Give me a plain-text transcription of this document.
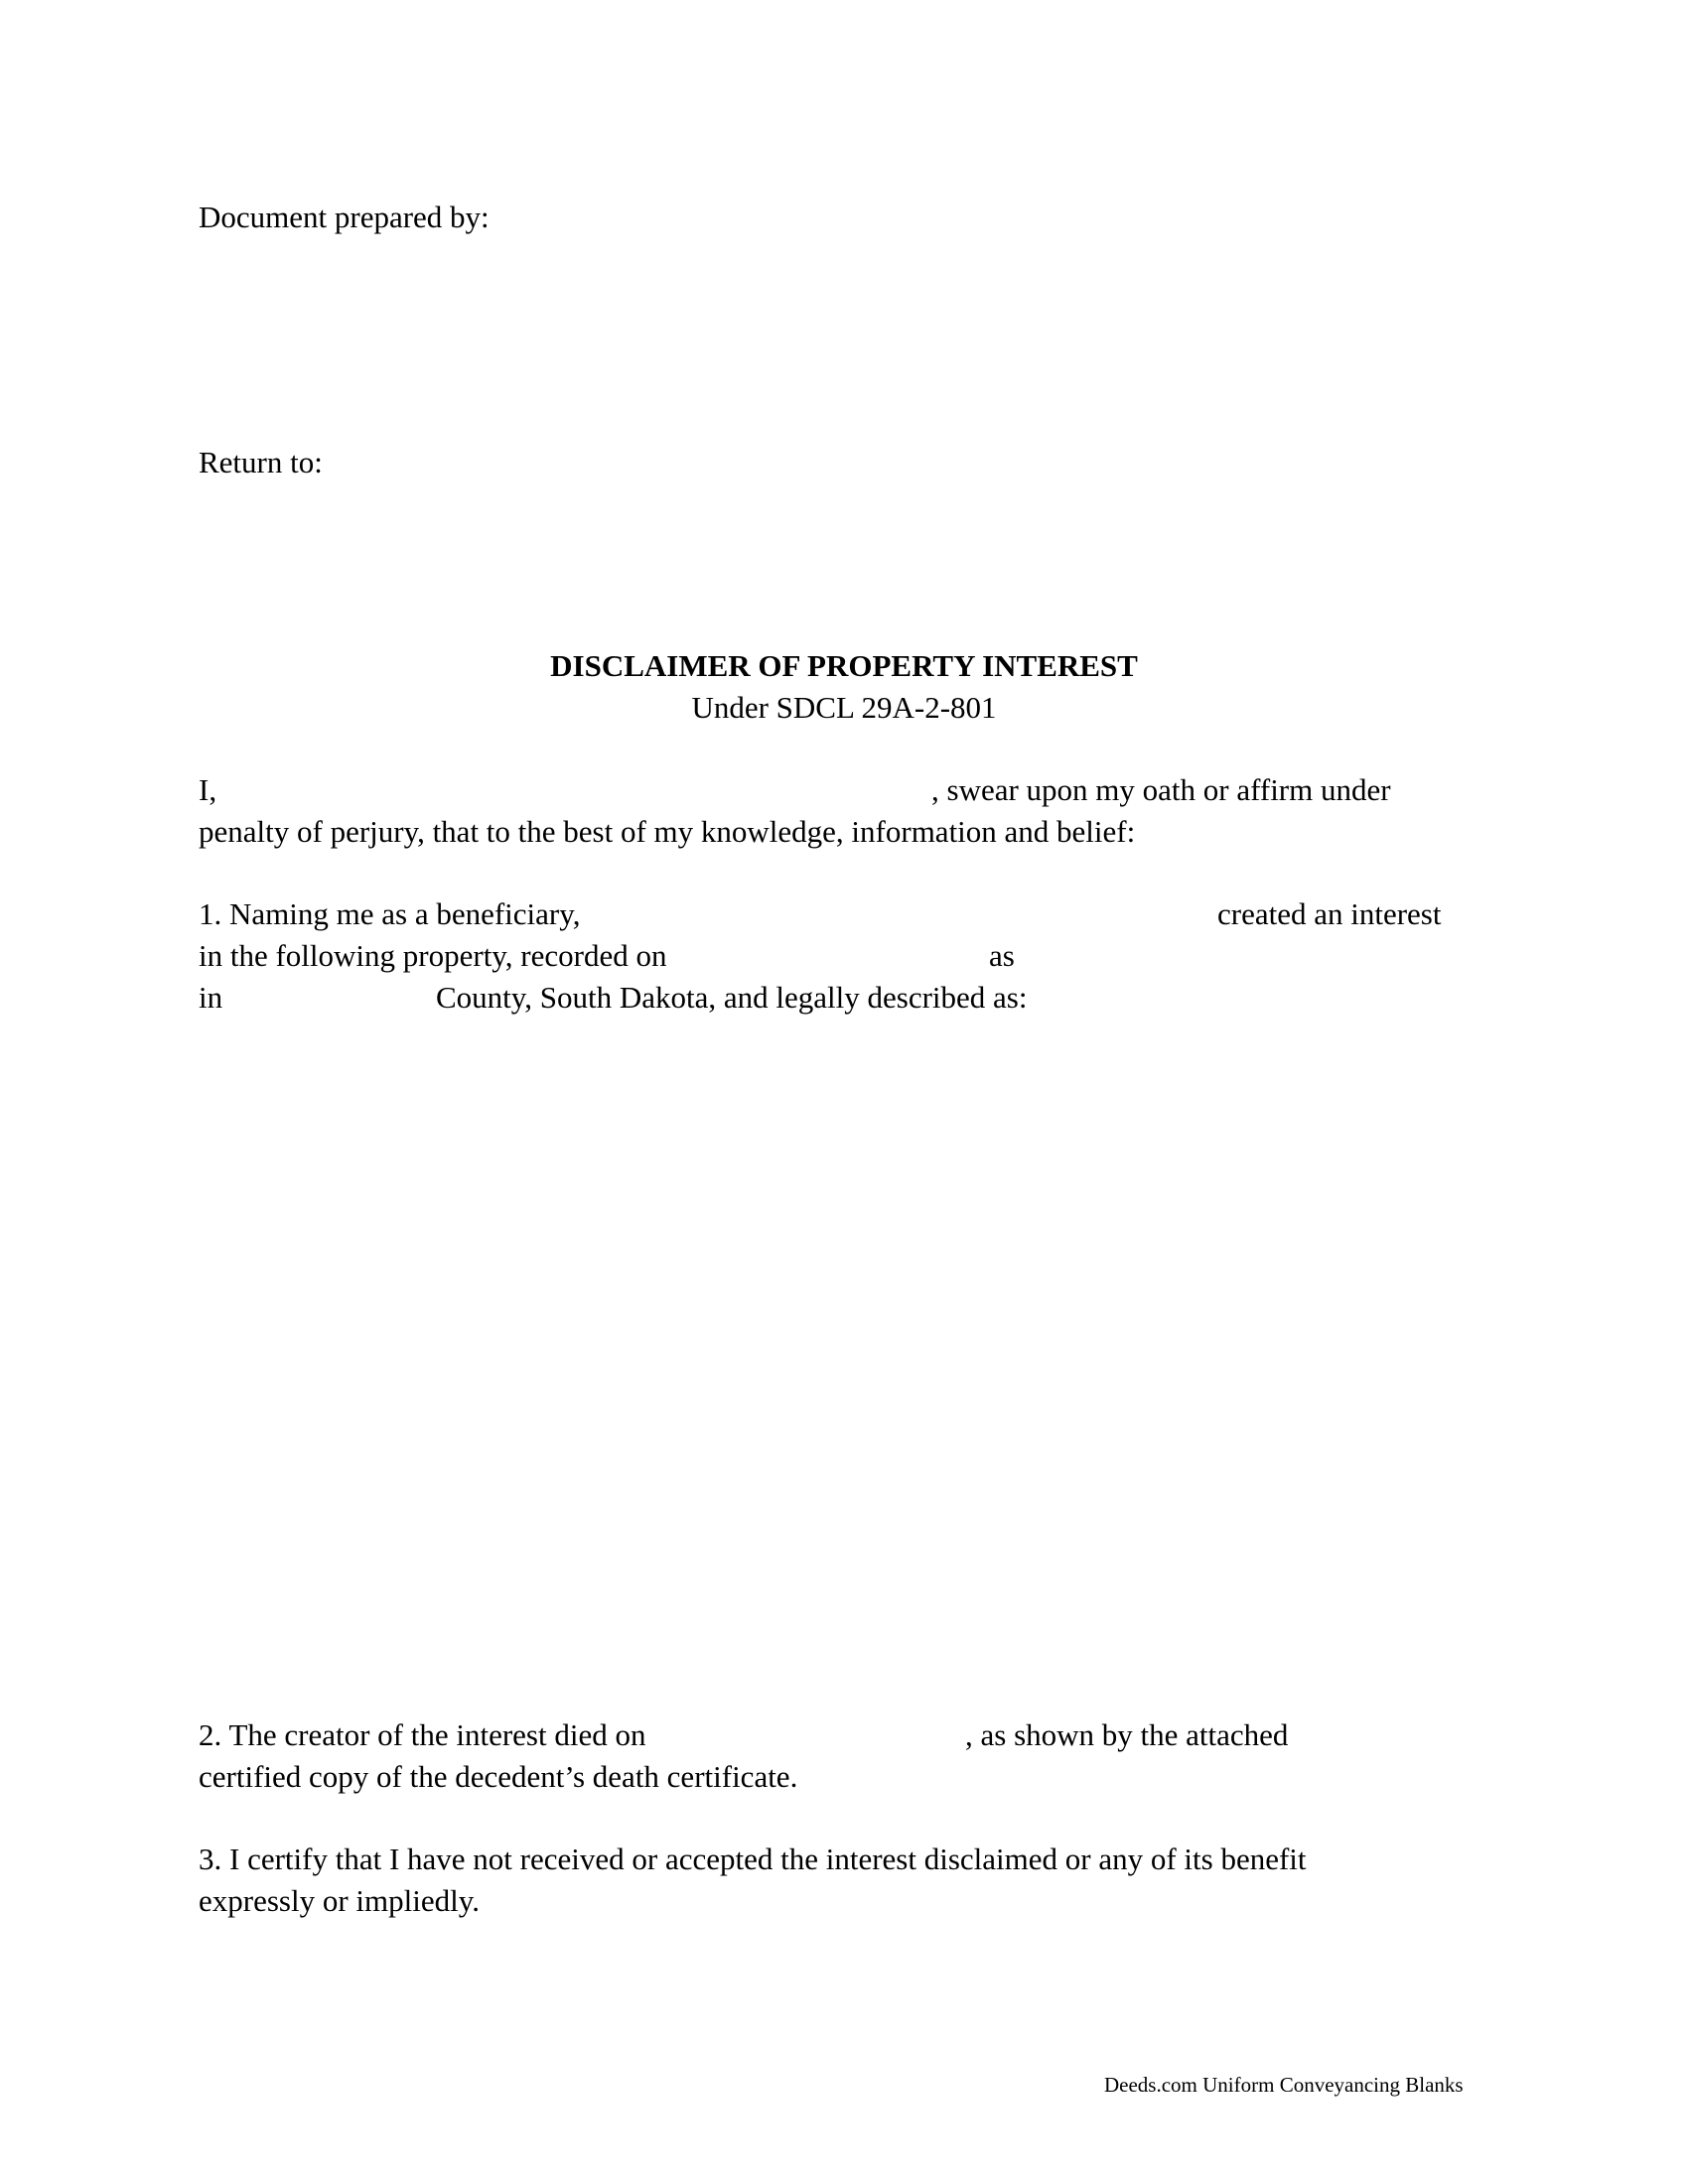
Document prepared by:

Return to:

DISCLAIMER OF PROPERTY INTEREST

Under SDCL 29A-2-801

I,	, swear upon my oath or affirm under

penalty of perjury, that to the best of my knowledge, information and belief:

1. Naming me as a beneficiary,	created an interest

in the following property, recorded on	as

in	County, South Dakota, and legally described as:

2. The creator of the interest died on	, as shown by the attached

certified copy of the decedent’s death certificate.

3. I certify that I have not received or accepted the interest disclaimed or any of its benefit

expressly or impliedly.

Deeds.com Uniform Conveyancing Blanks
